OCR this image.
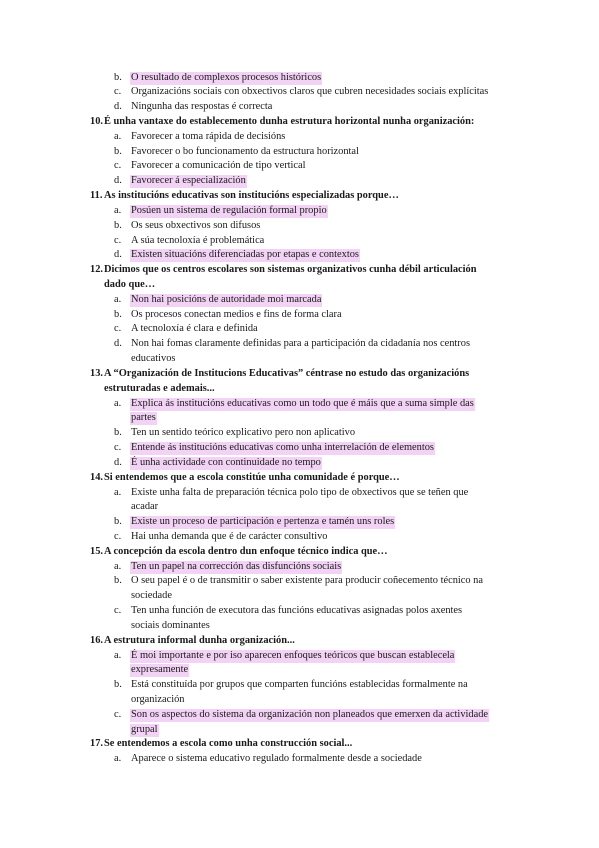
b. O resultado de complexos procesos históricos
c. Organizacións sociais con obxectivos claros que cubren necesidades sociais explícitas
d. Ningunha das respostas é correcta
10. É unha vantaxe do establecemento dunha estrutura horizontal nunha organización:
a. Favorecer a toma rápida de decisións
b. Favorecer o bo funcionamento da estructura horizontal
c. Favorecer a comunicación de tipo vertical
d. Favorecer á especialización
11. As institucións educativas son institucións especializadas porque…
a. Posúen un sistema de regulación formal propio
b. Os seus obxectivos son difusos
c. A súa tecnoloxía é problemática
d. Existen situacións diferenciadas por etapas e contextos
12. Dicimos que os centros escolares son sistemas organizativos cunha débil articulación
dado que…
a. Non hai posicións de autoridade moi marcada
b. Os procesos conectan medios e fins de forma clara
c. A tecnoloxía é clara e definida
d. Non hai fomas claramente definidas para a participación da cidadanía nos centros
educativos
13. A “Organización de Institucions Educativas” céntrase no estudo das organizacións
estruturadas e ademais...
a. Explica ás institucións educativas como un todo que é máis que a suma simple das
partes
b. Ten un sentido teórico explicativo pero non aplicativo
c. Entende ás institucións educativas como unha interrelación de elementos
d. É unha actividade con continuidade no tempo
14. Si entendemos que a escola constitúe unha comunidade é porque…
a. Existe unha falta de preparación técnica polo tipo de obxectivos que se teñen que
acadar
b. Existe un proceso de participación e pertenza e tamén uns roles
c. Hai unha demanda que é de carácter consultivo
15. A concepción da escola dentro dun enfoque técnico indica que…
a. Ten un papel na corrección das disfuncións sociais
b. O seu papel é o de transmitir o saber existente para producir coñecemento técnico na
sociedade
c. Ten unha función de executora das funcións educativas asignadas polos axentes
sociais dominantes
16. A estrutura informal dunha organización...
a. É moi importante e por iso aparecen enfoques teóricos que buscan establecela
expresamente
b. Está constituída por grupos que comparten funcións establecidas formalmente na
organización
c. Son os aspectos do sistema da organización non planeados que emerxen da actividade
grupal
17. Se entendemos a escola como unha construcción social...
a. Aparece o sistema educativo regulado formalmente desde a sociedade
